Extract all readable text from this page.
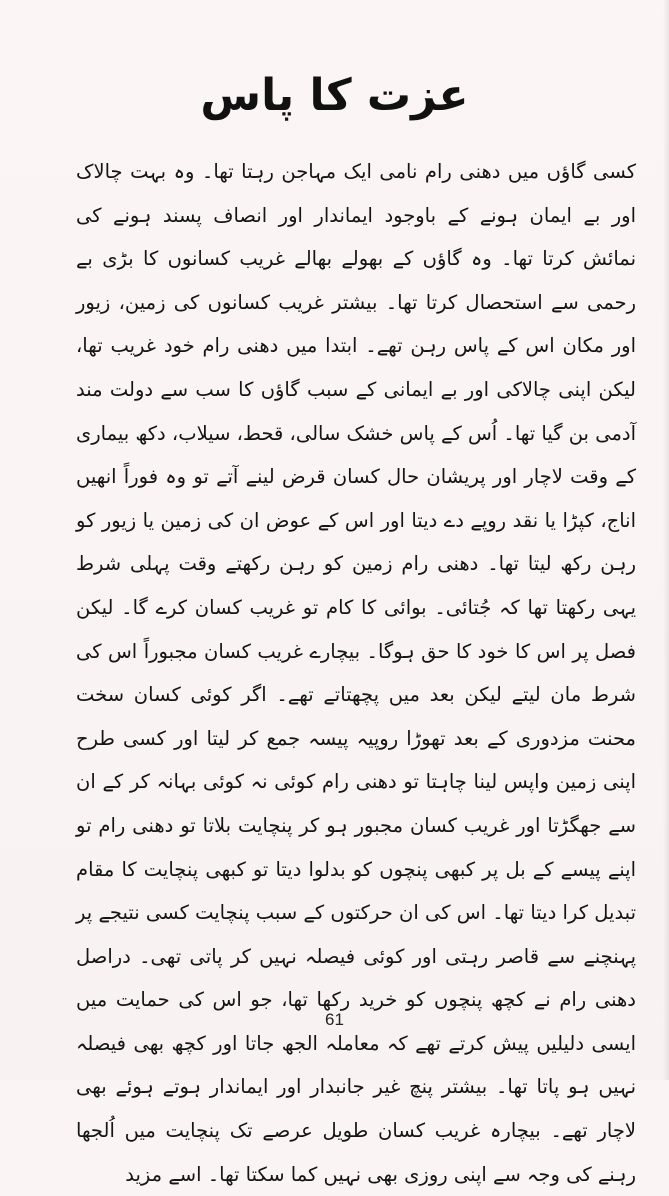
عزت کا پاس

کسی گاؤں میں دھنی رام نامی ایک مہاجن رہتا تھا۔ وہ بہت چالاک اور بے ایمان ہونے کے باوجود ایماندار اور انصاف پسند ہونے کی نمائش کرتا تھا۔ وہ گاؤں کے بھولے بھالے غریب کسانوں کا بڑی بے رحمی سے استحصال کرتا تھا۔ بیشتر غریب کسانوں کی زمین، زیور اور مکان اس کے پاس رہن تھے۔ ابتدا میں دھنی رام خود غریب تھا، لیکن اپنی چالاکی اور بے ایمانی کے سبب گاؤں کا سب سے دولت مند آدمی بن گیا تھا۔ اُس کے پاس خشک سالی، قحط، سیلاب، دکھ بیماری کے وقت لاچار اور پریشان حال کسان قرض لینے آتے تو وہ فوراً انھیں اناج، کپڑا یا نقد روپے دے دیتا اور اس کے عوض ان کی زمین یا زیور کو رہن رکھ لیتا تھا۔ دھنی رام زمین کو رہن رکھتے وقت پہلی شرط یہی رکھتا تھا کہ جُتائی۔ بوائی کا کام تو غریب کسان کرے گا۔ لیکن فصل پر اس کا خود کا حق ہوگا۔ بیچارے غریب کسان مجبوراً اس کی شرط مان لیتے لیکن بعد میں پچھتاتے تھے۔ اگر کوئی کسان سخت محنت مزدوری کے بعد تھوڑا روپیہ پیسہ جمع کر لیتا اور کسی طرح اپنی زمین واپس لینا چاہتا تو دھنی رام کوئی نہ کوئی بہانہ کر کے ان سے جھگڑتا اور غریب کسان مجبور ہو کر پنچایت بلاتا تو دھنی رام تو اپنے پیسے کے بل پر کبھی پنچوں کو بدلوا دیتا تو کبھی پنچایت کا مقام تبدیل کرا دیتا تھا۔ اس کی ان حرکتوں کے سبب پنچایت کسی نتیجے پر پہنچنے سے قاصر رہتی اور کوئی فیصلہ نہیں کر پاتی تھی۔ دراصل دھنی رام نے کچھ پنچوں کو خرید رکھا تھا، جو اس کی حمایت میں ایسی دلیلیں پیش کرتے تھے کہ معاملہ الجھ جاتا اور کچھ بھی فیصلہ نہیں ہو پاتا تھا۔ بیشتر پنچ غیر جانبدار اور ایماندار ہوتے ہوئے بھی لاچار تھے۔ بیچارہ غریب کسان طویل عرصے تک پنچایت میں اُلجھا رہنے کی وجہ سے اپنی روزی بھی نہیں کما سکتا تھا۔ اسے مزید

61
